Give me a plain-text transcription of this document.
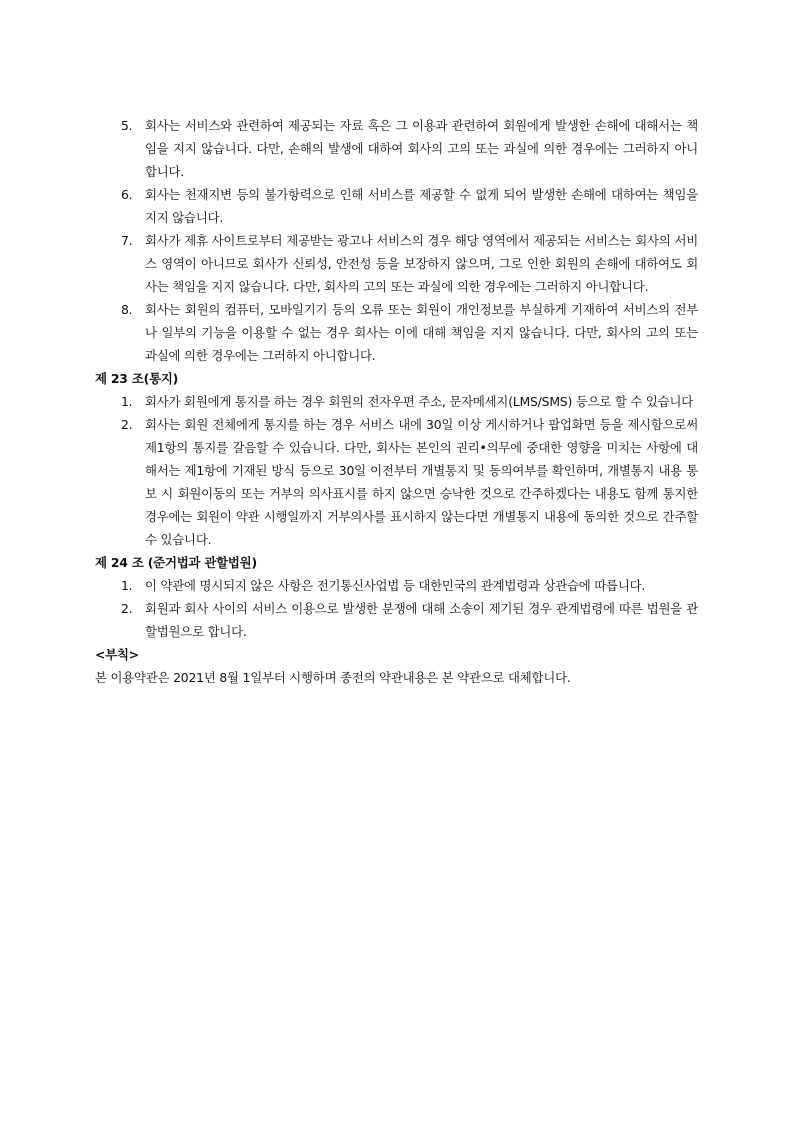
5. 회사는 서비스와 관련하여 제공되는 자료 혹은 그 이용과 관련하여 회원에게 발생한 손해에 대해서는 책임을 지지 않습니다. 다만, 손해의 발생에 대하여 회사의 고의 또는 과실에 의한 경우에는 그러하지 아니합니다.
6. 회사는 천재지변 등의 불가항력으로 인해 서비스를 제공할 수 없게 되어 발생한 손해에 대하여는 책임을 지지 않습니다.
7. 회사가 제휴 사이트로부터 제공받는 광고나 서비스의 경우 해당 영역에서 제공되는 서비스는 회사의 서비스 영역이 아니므로 회사가 신뢰성, 안전성 등을 보장하지 않으며, 그로 인한 회원의 손해에 대하여도 회사는 책임을 지지 않습니다. 다만, 회사의 고의 또는 과실에 의한 경우에는 그러하지 아니합니다.
8. 회사는 회원의 컴퓨터, 모바일기기 등의 오류 또는 회원이 개인정보를 부실하게 기재하여 서비스의 전부나 일부의 기능을 이용할 수 없는 경우 회사는 이에 대해 책임을 지지 않습니다. 다만, 회사의 고의 또는 과실에 의한 경우에는 그러하지 아니합니다.
제 23 조(통지)
1. 회사가 회원에게 통지를 하는 경우 회원의 전자우편 주소, 문자메세지(LMS/SMS) 등으로 할 수 있습니다
2. 회사는 회원 전체에게 통지를 하는 경우 서비스 내에 30일 이상 게시하거나 팝업화면 등을 제시함으로써 제1항의 통지를 갈음할 수 있습니다. 다만, 회사는 본인의 권리•의무에 중대한 영향을 미치는 사항에 대해서는 제1항에 기재된 방식 등으로 30일 이전부터 개별통지 및 동의여부를 확인하며, 개별통지 내용 통보 시 회원이동의 또는 거부의 의사표시를 하지 않으면 승낙한 것으로 간주하겠다는 내용도 함께 통지한 경우에는 회원이 약관 시행일까지 거부의사를 표시하지 않는다면 개별통지 내용에 동의한 것으로 간주할 수 있습니다.
제 24 조 (준거법과 관할법원)
1. 이 약관에 명시되지 않은 사항은 전기통신사업법 등 대한민국의 관계법령과 상관습에 따릅니다.
2. 회원과 회사 사이의 서비스 이용으로 발생한 분쟁에 대해 소송이 제기된 경우 관계법령에 따른 법원을 관할법원으로 합니다.
<부칙>

본 이용약관은 2021년 8월 1일부터 시행하며 종전의 약관내용은 본 약관으로 대체합니다.
